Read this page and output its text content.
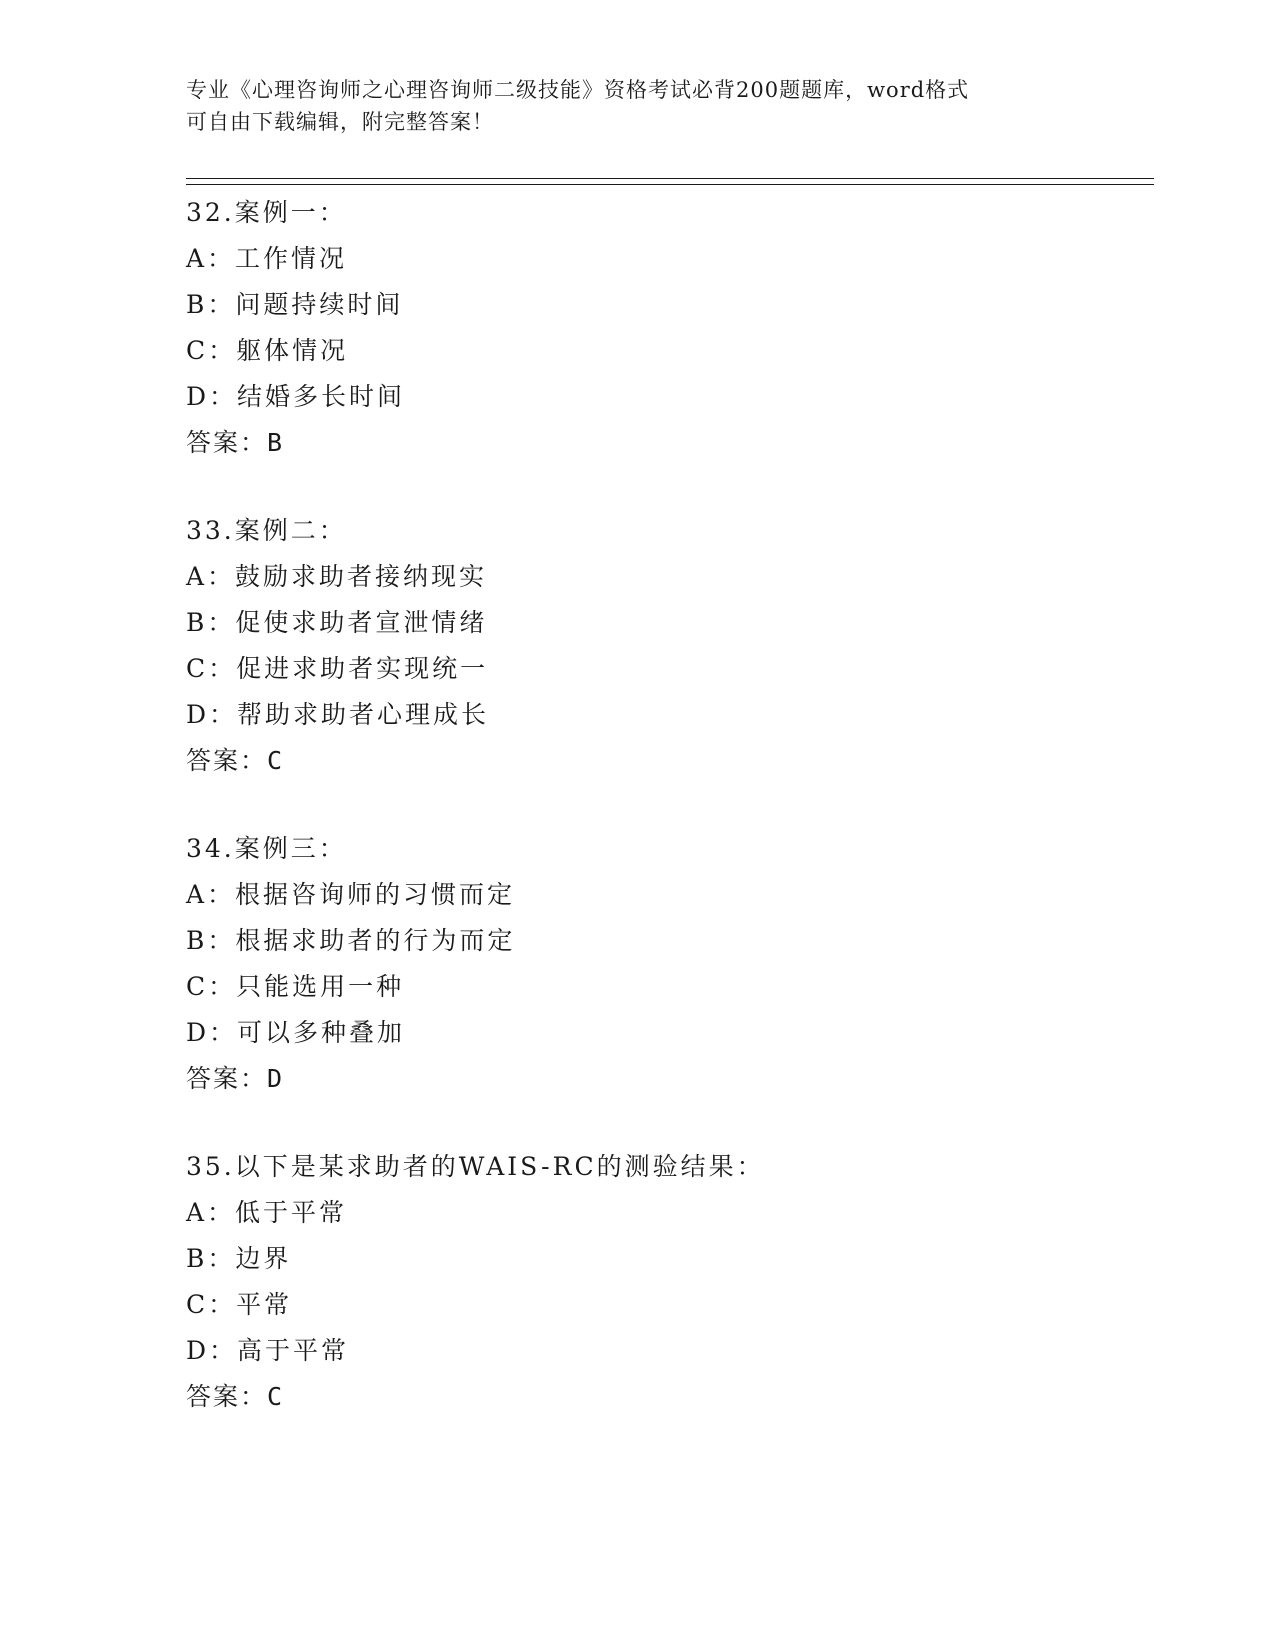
专业《心理咨询师之心理咨询师二级技能》资格考试必背200题题库，word格式
可自由下载编辑，附完整答案！
32.案例一：
A：工作情况
B：问题持续时间
C：躯体情况
D：结婚多长时间
答案：B
33.案例二：
A：鼓励求助者接纳现实
B：促使求助者宣泄情绪
C：促进求助者实现统一
D：帮助求助者心理成长
答案：C
34.案例三：
A：根据咨询师的习惯而定
B：根据求助者的行为而定
C：只能选用一种
D：可以多种叠加
答案：D
35.以下是某求助者的WAIS-RC的测验结果：
A：低于平常
B：边界
C：平常
D：高于平常
答案：C
